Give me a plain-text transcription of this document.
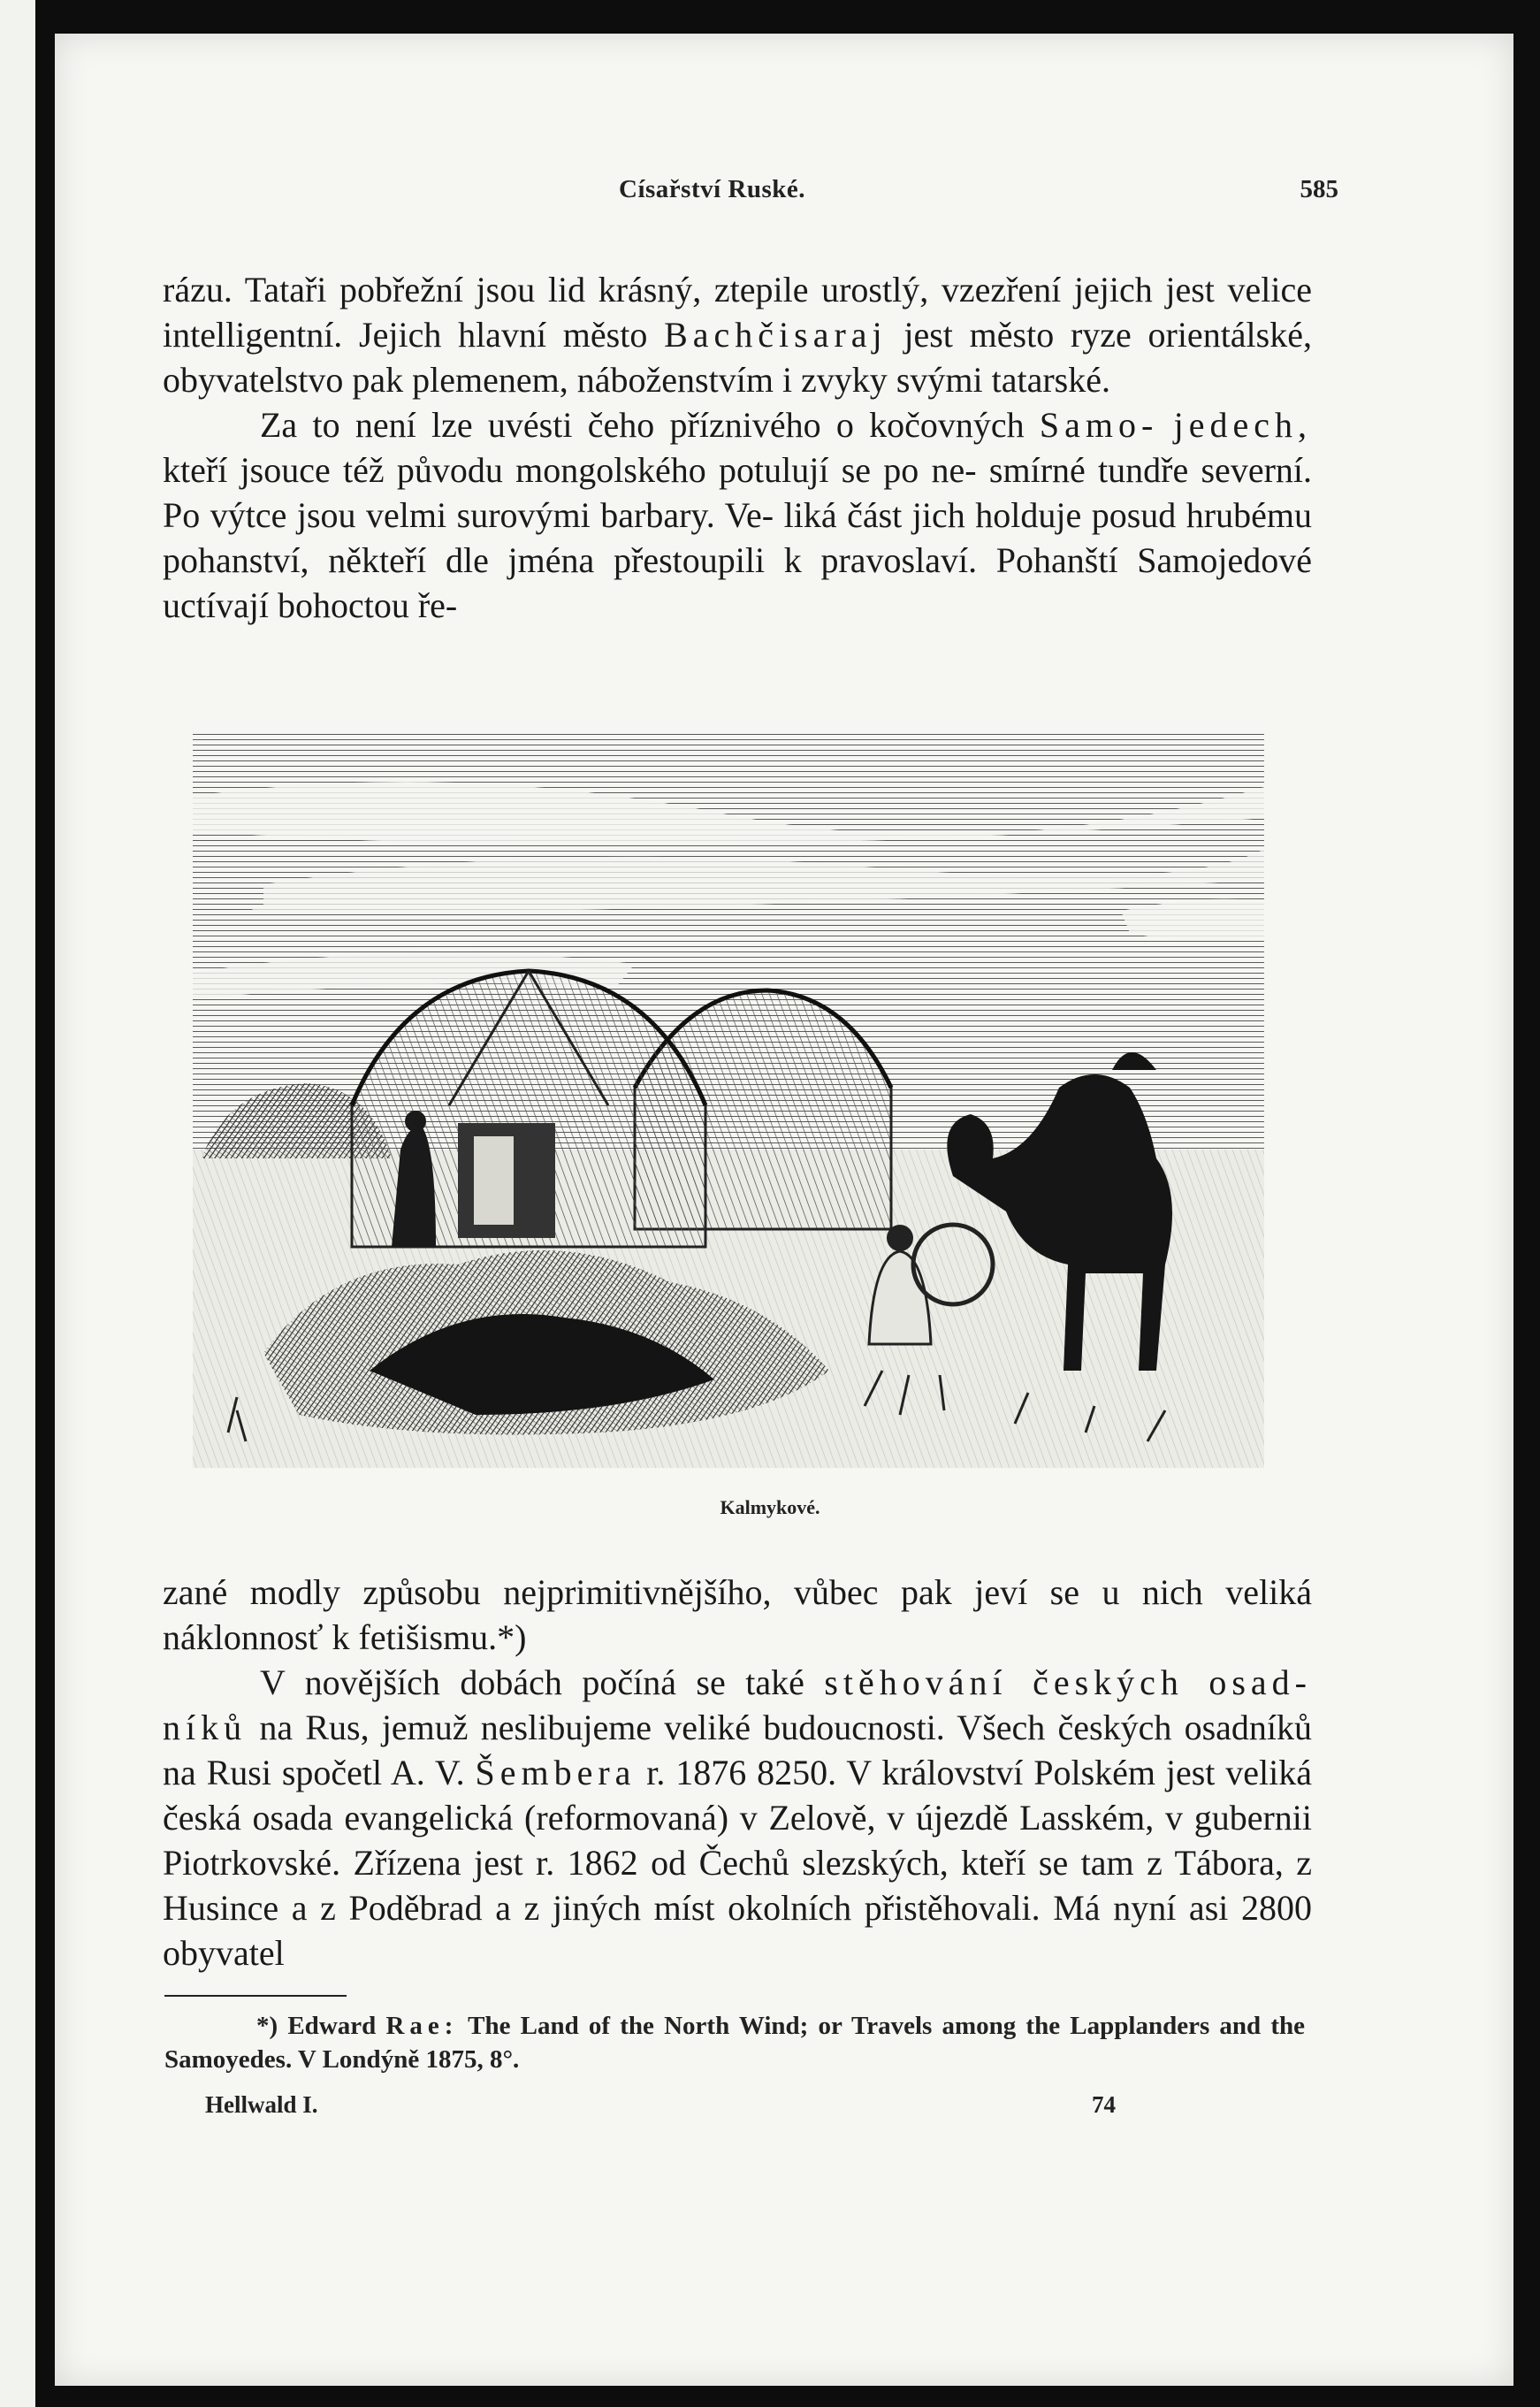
Císařství Ruské.	585
rázu. Tataři pobřežní jsou lid krásný, ztepile urostlý, vzezření jejich jest velice intelligentní. Jejich hlavní město Bachčisaraj jest město ryze orientálské, obyvatelstvo pak plemenem, náboženstvím i zvyky svými tatarské.
Za to není lze uvésti čeho příznivého o kočovných Samo- jedech, kteří jsouce též původu mongolského potulují se po ne- smírné tundře severní. Po výtce jsou velmi surovými barbary. Ve- liká část jich holduje posud hrubému pohanství, někteří dle jména přestoupili k pravoslaví. Pohanští Samojedové uctívají bohoctou ře-
Kalmykové.
zané modly způsobu nejprimitivnějšího, vůbec pak jeví se u nich veliká náklonnosť k fetišismu.*)
V novějších dobách počíná se také stěhování českých osad- níků na Rus, jemuž neslibujeme veliké budoucnosti. Všech českých osadníků na Rusi spočetl A. V. Šembera r. 1876 8250. V království Polském jest veliká česká osada evangelická (reformovaná) v Zelově, v újezdě Lasském, v gubernii Piotrkovské. Zřízena jest r. 1862 od Čechů slezských, kteří se tam z Tábora, z Husince a z Poděbrad a z jiných míst okolních přistěhovali. Má nyní asi 2800 obyvatel
*) Edward Rae: The Land of the North Wind; or Travels among the Lapplanders and the Samoyedes. V Londýně 1875, 8°.
Hellwald I.	74
